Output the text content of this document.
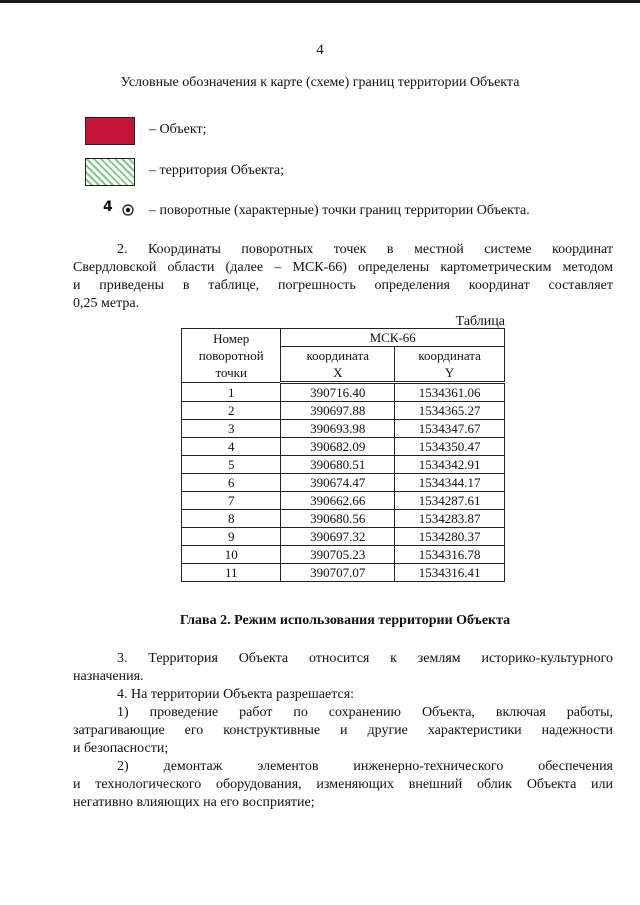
4
Условные обозначения к карте (схеме) границ территории Объекта
– Объект;
– территория Объекта;
4	– поворотные (характерные) точки границ территории Объекта.
2. Координаты поворотных точек в местной системе координат
Свердловской области (далее – МСК-66) определены картометрическим методом
и приведены в таблице, погрешность определения координат составляет
0,25 метра.
Таблица
Номер поворотной точки	МСК-66	
	координата X	координата Y
1	390716.40	1534361.06
2	390697.88	1534365.27
3	390693.98	1534347.67
4	390682.09	1534350.47
5	390680.51	1534342.91
6	390674.47	1534344.17
7	390662.66	1534287.61
8	390680.56	1534283.87
9	390697.32	1534280.37
10	390705.23	1534316.78
11	390707.07	1534316.41
Глава 2. Режим использования территории Объекта
3. Территория Объекта относится к землям историко-культурного
назначения.
4. На территории Объекта разрешается:
1) проведение работ по сохранению Объекта, включая работы,
затрагивающие его конструктивные и другие характеристики надежности
и безопасности;
2) демонтаж элементов инженерно-технического обеспечения
и технологического оборудования, изменяющих внешний облик Объекта или
негативно влияющих на его восприятие;
